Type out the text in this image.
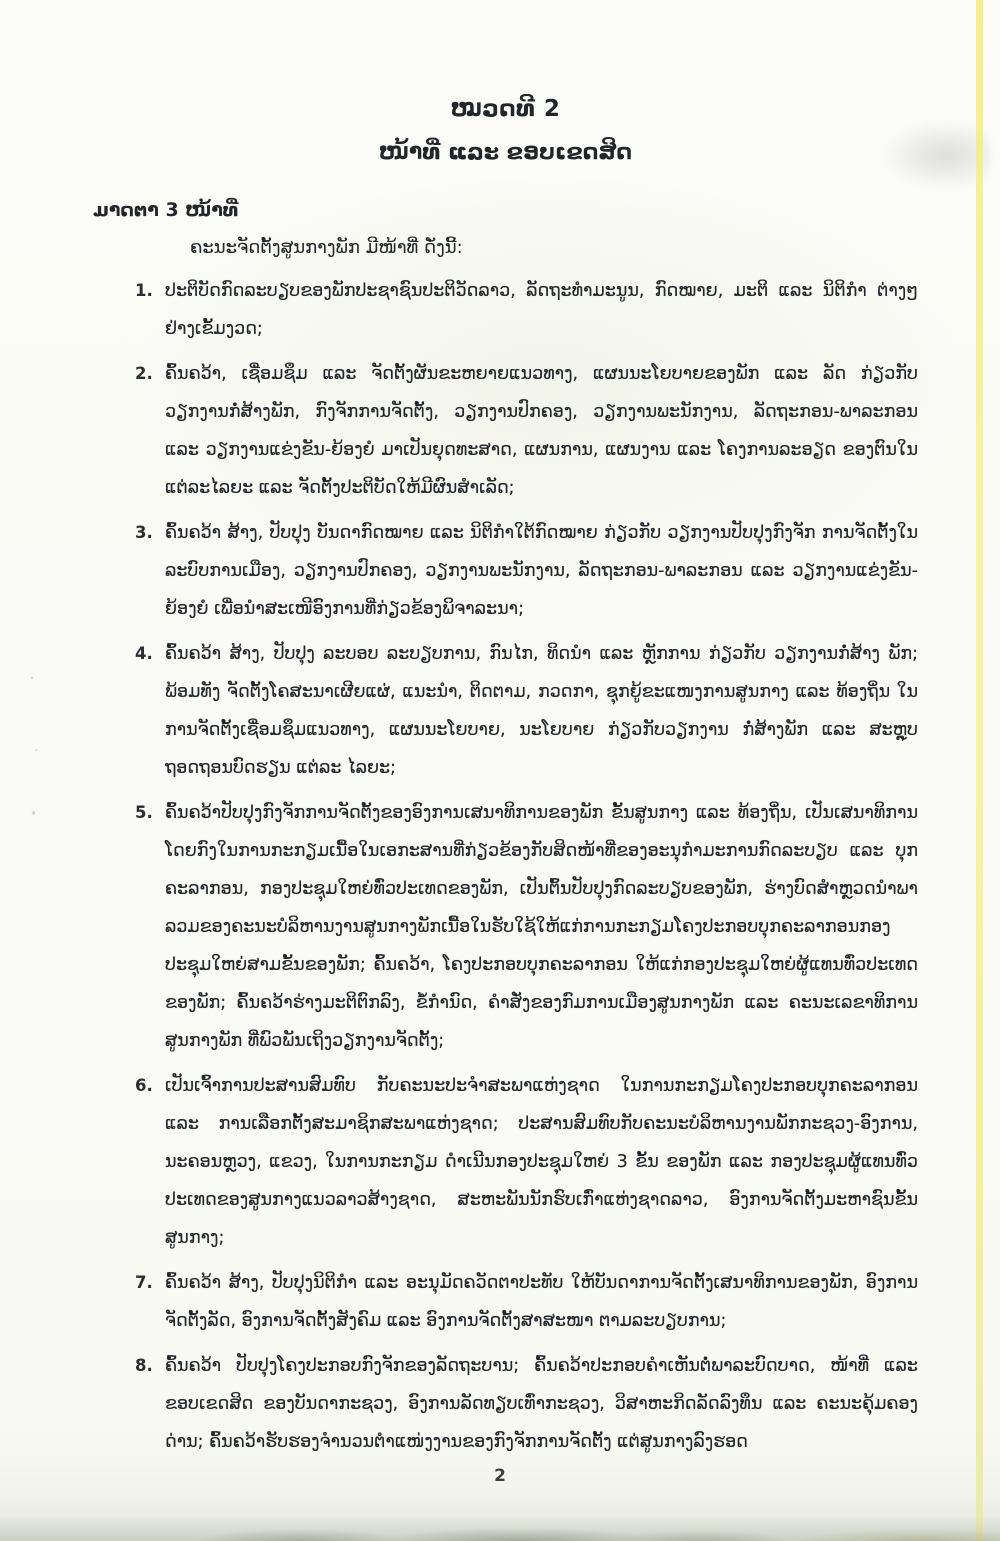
ໝວດທີ 2
ໜ້າທີ່ ແລະ ຂອບເຂດສິດ
ມາດຕາ 3 ໜ້າທີ່
ຄະນະຈັດຕັ້ງສູນກາງພັກ ມີໜ້າທີ່ ດັ່ງນີ້:
1. ປະຕິບັດກົດລະບຽບຂອງພັກປະຊາຊົນປະຕິວັດລາວ, ລັດຖະທຳມະນູນ, ກົດໝາຍ, ມະຕິ ແລະ ນິຕິກຳ ຕ່າງໆ ຢ່າງເຂັ້ມງວດ;
2. ຄົ້ນຄວ້າ, ເຊື່ອມຊຶມ ແລະ ຈັດຕັ້ງຜັນຂະຫຍາຍແນວທາງ, ແຜນນະໂຍບາຍຂອງພັກ ແລະ ລັດ ກ່ຽວກັບ ວຽກງານກໍ່ສ້າງພັກ, ກົງຈັກການຈັດຕັ້ງ, ວຽກງານປົກຄອງ, ວຽກງານພະນັກງານ, ລັດຖະກອນ-ພາລະກອນ ແລະ ວຽກງານແຂ່ງຂັນ-ຍ້ອງຍໍ ມາເປັນຍຸດທະສາດ, ແຜນການ, ແຜນງານ ແລະ ໂຄງການລະອຽດ ຂອງຕົນໃນແຕ່ລະໄລຍະ ແລະ ຈັດຕັ້ງປະຕິບັດໃຫ້ມີຜົນສຳເລັດ;
3. ຄົ້ນຄວ້າ ສ້າງ, ປັບປຸງ ບັນດາກົດໝາຍ ແລະ ນິຕິກຳໃຕ້ກົດໝາຍ ກ່ຽວກັບ ວຽກງານປັບປຸງກົງຈັກ ການຈັດຕັ້ງໃນລະບົບການເມືອງ, ວຽກງານປົກຄອງ, ວຽກງານພະນັກງານ, ລັດຖະກອນ-ພາລະກອນ ແລະ ວຽກງານແຂ່ງຂັນ-ຍ້ອງຍໍ ເພື່ອນຳສະເໜີອົງການທີ່ກ່ຽວຂ້ອງພິຈາລະນາ;
4. ຄົ້ນຄວ້າ ສ້າງ, ປັບປຸງ ລະບອບ ລະບຽບການ, ກົນໄກ, ທິດນຳ ແລະ ຫຼັກການ ກ່ຽວກັບ ວຽກງານກໍ່ສ້າງ ພັກ; ພ້ອມທັງ ຈັດຕັ້ງໂຄສະນາເຜີຍແຜ່, ແນະນຳ, ຕິດຕາມ, ກວດກາ, ຊຸກຍູ້ຂະແໜງການສູນກາງ ແລະ ທ້ອງຖິ່ນ ໃນການຈັດຕັ້ງເຊື່ອມຊຶມແນວທາງ, ແຜນນະໂຍບາຍ, ນະໂຍບາຍ ກ່ຽວກັບວຽກງານ ກໍ່ສ້າງພັກ ແລະ ສະຫຼຸບຖອດຖອນບົດຮຽນ ແຕ່ລະ ໄລຍະ;
5. ຄົ້ນຄວ້າປັບປຸງກົງຈັກການຈັດຕັ້ງຂອງອົງການເສນາທິການຂອງພັກ ຂັ້ນສູນກາງ ແລະ ທ້ອງຖິ່ນ, ເປັນເສນາທິການໂດຍກົງໃນການກະກຽມເນື້ອໃນເອກະສານທີ່ກ່ຽວຂ້ອງກັບສິດໜ້າທີ່ຂອງອະນຸກຳມະການກົດລະບຽບ ແລະ ບຸກຄະລາກອນ, ກອງປະຊຸມໃຫຍ່ທົ່ວປະເທດຂອງພັກ, ເປັນຕົ້ນປັບປຸງກົດລະບຽບຂອງພັກ, ຮ່າງບົດສຳຫຼວດນຳພາລວມຂອງຄະນະບໍລິຫານງານສູນກາງພັກເນື້ອໃນຮັບໃຊ້ໃຫ້ແກ່ການກະກຽມໂຄງປະກອບບຸກຄະລາກອນກອງປະຊຸມໃຫຍ່ສາມຂັ້ນຂອງພັກ; ຄົ້ນຄວ້າ, ໂຄງປະກອບບຸກຄະລາກອນ ໃຫ້ແກ່ກອງປະຊຸມໃຫຍ່ຜູ້ແທນທົ່ວປະເທດຂອງພັກ; ຄົ້ນຄວ້າຮ່າງມະຕິຕົກລົງ, ຂໍ້ກຳນົດ, ຄຳສັ່ງຂອງກົມການເມືອງສູນກາງພັກ ແລະ ຄະນະເລຂາທິການສູນກາງພັກ ທີ່ພົວພັນເຖິງວຽກງານຈັດຕັ້ງ;
6. ເປັນເຈົ້າການປະສານສົມທົບ ກັບຄະນະປະຈຳສະພາແຫ່ງຊາດ ໃນການກະກຽມໂຄງປະກອບບຸກຄະລາກອນ ແລະ ການເລືອກຕັ້ງສະມາຊິກສະພາແຫ່ງຊາດ; ປະສານສົມທົບກັບຄະນະບໍລິຫານງານພັກກະຊວງ-ອົງການ, ນະຄອນຫຼວງ, ແຂວງ, ໃນການກະກຽມ ດຳເນີນກອງປະຊຸມໃຫຍ່ 3 ຂັ້ນ ຂອງພັກ ແລະ ກອງປະຊຸມຜູ້ແທນທົ່ວປະເທດຂອງສູນກາງແນວລາວສ້າງຊາດ, ສະຫະພັນນັກຮົບເກົ່າແຫ່ງຊາດລາວ, ອົງການຈັດຕັ້ງມະຫາຊົນຂັ້ນສູນກາງ;
7. ຄົ້ນຄວ້າ ສ້າງ, ປັບປຸງນິຕິກຳ ແລະ ອະນຸມັດຄວັດຕາປະທັບ ໃຫ້ບັນດາການຈັດຕັ້ງເສນາທິການຂອງພັກ, ອົງການຈັດຕັ້ງລັດ, ອົງການຈັດຕັ້ງສັງຄົມ ແລະ ອົງການຈັດຕັ້ງສາສະໜາ ຕາມລະບຽບການ;
8. ຄົ້ນຄວ້າ ປັບປຸງໂຄງປະກອບກົງຈັກຂອງລັດຖະບານ; ຄົ້ນຄວ້າປະກອບຄຳເຫັນຕໍ່ພາລະບົດບາດ, ໜ້າທີ່ ແລະ ຂອບເຂດສິດ ຂອງບັນດາກະຊວງ, ອົງການລັດທຽບເທົ່າກະຊວງ, ວິສາຫະກິດລັດລົງທຶນ ແລະ ຄະນະຄຸ້ມຄອງດ່ານ; ຄົ້ນຄວ້າຮັບຮອງຈຳນວນຕຳແໜ່ງງານຂອງກົງຈັກການຈັດຕັ້ງ ແຕ່ສູນກາງລົງຮອດ
2
